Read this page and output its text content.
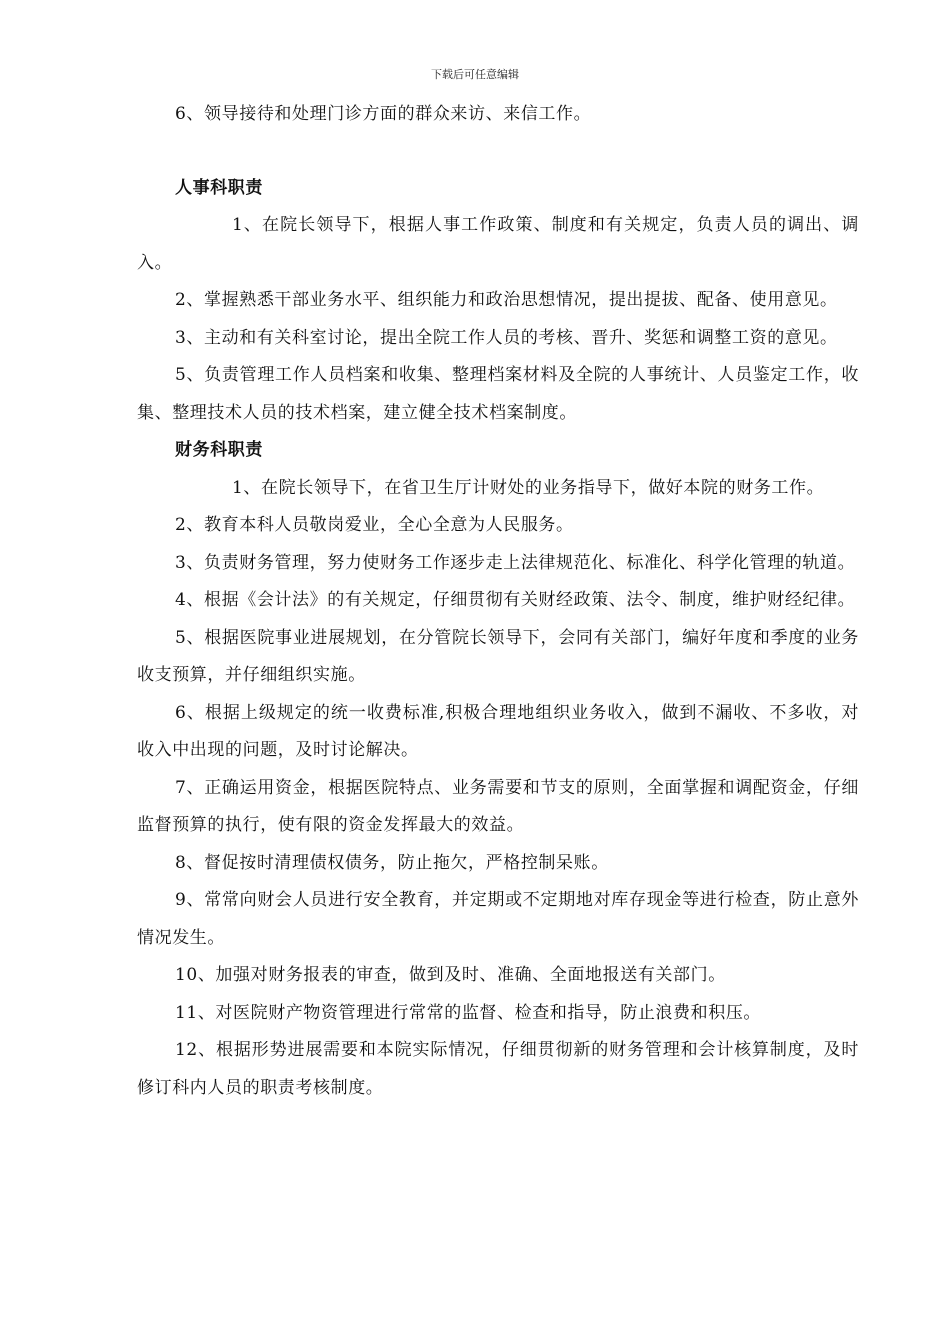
下载后可任意编辑

6、领导接待和处理门诊方面的群众来访、来信工作。

人事科职责

1、在院长领导下，根据人事工作政策、制度和有关规定，负责人员的调出、调入。

2、掌握熟悉干部业务水平、组织能力和政治思想情况，提出提拔、配备、使用意见。

3、主动和有关科室讨论，提出全院工作人员的考核、晋升、奖惩和调整工资的意见。

5、负责管理工作人员档案和收集、整理档案材料及全院的人事统计、人员鉴定工作，收集、整理技术人员的技术档案，建立健全技术档案制度。

财务科职责

1、在院长领导下，在省卫生厅计财处的业务指导下，做好本院的财务工作。

2、教育本科人员敬岗爱业，全心全意为人民服务。

3、负责财务管理，努力使财务工作逐步走上法律规范化、标准化、科学化管理的轨道。

4、根据《会计法》的有关规定，仔细贯彻有关财经政策、法令、制度，维护财经纪律。

5、根据医院事业进展规划，在分管院长领导下，会同有关部门，编好年度和季度的业务收支预算，并仔细组织实施。

6、根据上级规定的统一收费标准,积极合理地组织业务收入，做到不漏收、不多收，对收入中出现的问题，及时讨论解决。

7、正确运用资金，根据医院特点、业务需要和节支的原则，全面掌握和调配资金，仔细监督预算的执行，使有限的资金发挥最大的效益。

8、督促按时清理债权债务，防止拖欠，严格控制呆账。

9、常常向财会人员进行安全教育，并定期或不定期地对库存现金等进行检查，防止意外情况发生。

10、加强对财务报表的审查，做到及时、准确、全面地报送有关部门。

11、对医院财产物资管理进行常常的监督、检查和指导，防止浪费和积压。

12、根据形势进展需要和本院实际情况，仔细贯彻新的财务管理和会计核算制度，及时修订科内人员的职责考核制度。
